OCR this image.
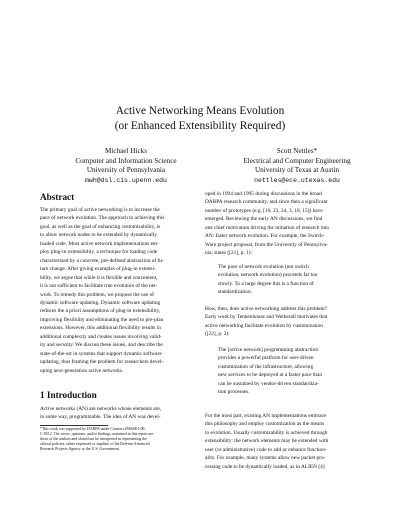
Active Networking Means Evolution
(or Enhanced Extensibility Required)
Michael Hicks
Computer and Information Science
University of Pennsylvania
mwh@dsl.cis.upenn.edu
Scott Nettles*
Electrical and Computer Engineering
University of Texas at Austin
nettles@ece.utexas.edu
Abstract
The primary goal of active networking is to increase the
pace of network evolution. The approach to achieving this
goal, as well as the goal of enhancing customizability, is
to allow network nodes to be extended by dynamically
loaded code. Most active network implementations em-
ploy plug-in extensibility, a technique for loading code
characterized by a concrete, pre-defined abstraction of fu-
ture change. After giving examples of plug-in extensi-
bility, we argue that while it is flexible and convenient,
it is not sufficient to facilitate true evolution of the net-
work. To remedy this problem, we propose the use of
dynamic software updating. Dynamic software updating
reduces the a priori assumptions of plug-in extensibility,
improving flexibility and eliminating the need to pre-plan
extensions. However, this additional flexibility results in
additional complexity and creates issues involving valid-
ity and security. We discuss these issues, and describe the
state-of-the-art in systems that support dynamic software
updating, thus framing the problem for researchers devel-
oping next-generation active networks.
1 Introduction
Active networks (AN) are networks whose elements are,
in some way, programmable. The idea of AN was devel-
*This work was supported by DARPA under Contract #N66001-06-
C-8512. The views, opinions, and/or findings contained in this report are
those of the authors and should not be interpreted as representing the
official policies, either expressed or implied, of the Defense Advanced
Research Projects Agency or the U.S. Government.
oped in 1994 and 1995 during discussions in the broad
DARPA research community, and since then a significant
number of prototypes (e.g. [10, 23, 24, 3, 18, 15]) have
emerged. Reviewing the early AN discussions, we find
one chief motivation driving the initiation of research into
AN: faster network evolution. For example, the Switch-
Ware project proposal, from the University of Pennsylva-
nia, states ([21], p. 1):
The pace of network evolution (not switch
evolution, network evolution) proceeds far too
slowly. To a large degree this is a function of
standardization.
How, then, does active networking address this problem?
Early work by Tennenhouse and Wetherall motivates that
active networking facilitate evolution by customization
([22], p. 2):
The [active network] programming abstraction
provides a powerful platform for user-driven
customization of the infrastructure, allowing
new services to be deployed at a faster pace than
can be sustained by vendor-driven standardiza-
tion processes.
For the most part, existing AN implementations embrace
this philosophy and employ customization as the means
to evolution. Usually customizability is achieved through
extensibility: the network elements may be extended with
user (or administrative) code to add or enhance function-
ality. For example, many systems allow new packet pro-
cessing code to be dynamically loaded, as in ALIEN [4]
